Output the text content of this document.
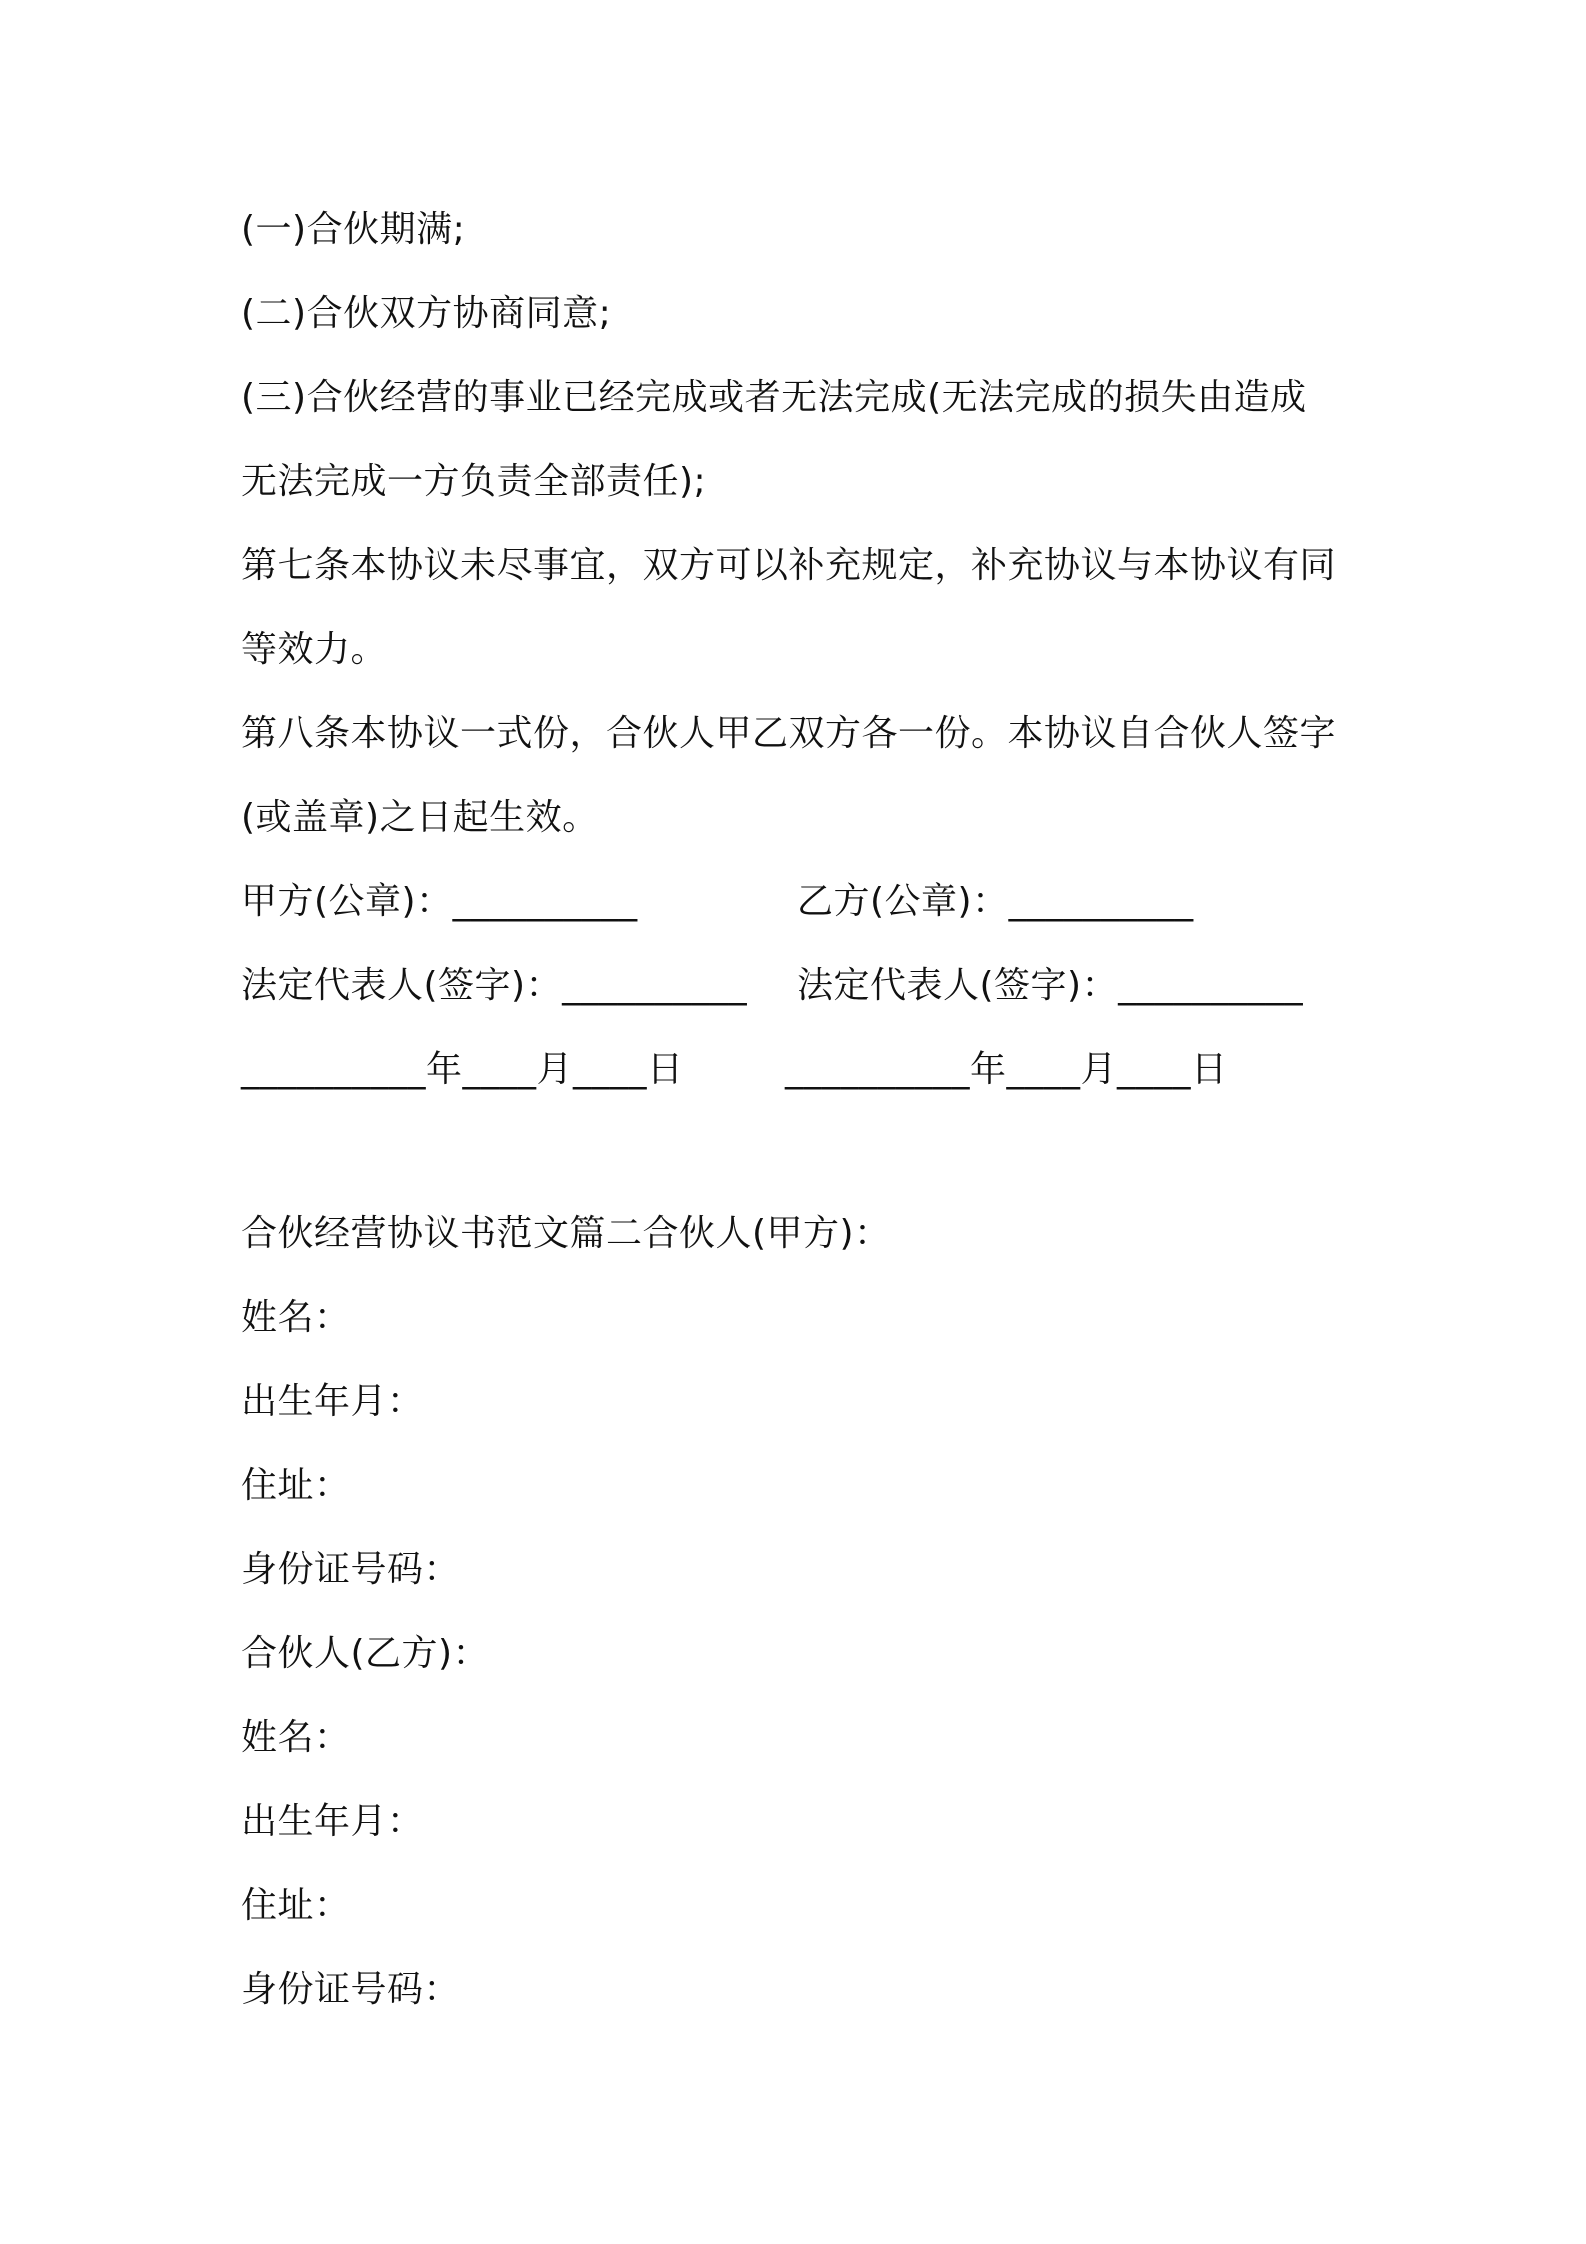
(一)合伙期满;
(二)合伙双方协商同意;
(三)合伙经营的事业已经完成或者无法完成(无法完成的损失由造成
无法完成一方负责全部责任);
第七条本协议未尽事宜，双方可以补充规定，补充协议与本协议有同
等效力。
第八条本协议一式份，合伙人甲乙双方各一份。本协议自合伙人签字
(或盖章)之日起生效。
甲方(公章)：__________	乙方(公章)：__________
法定代表人(签字)：__________ 法定代表人(签字)：__________
__________年____月____日	__________年____月____日
合伙经营协议书范文篇二合伙人(甲方)：
姓名：
出生年月：
住址：
身份证号码：
合伙人(乙方)：
姓名：
出生年月：
住址：
身份证号码：
